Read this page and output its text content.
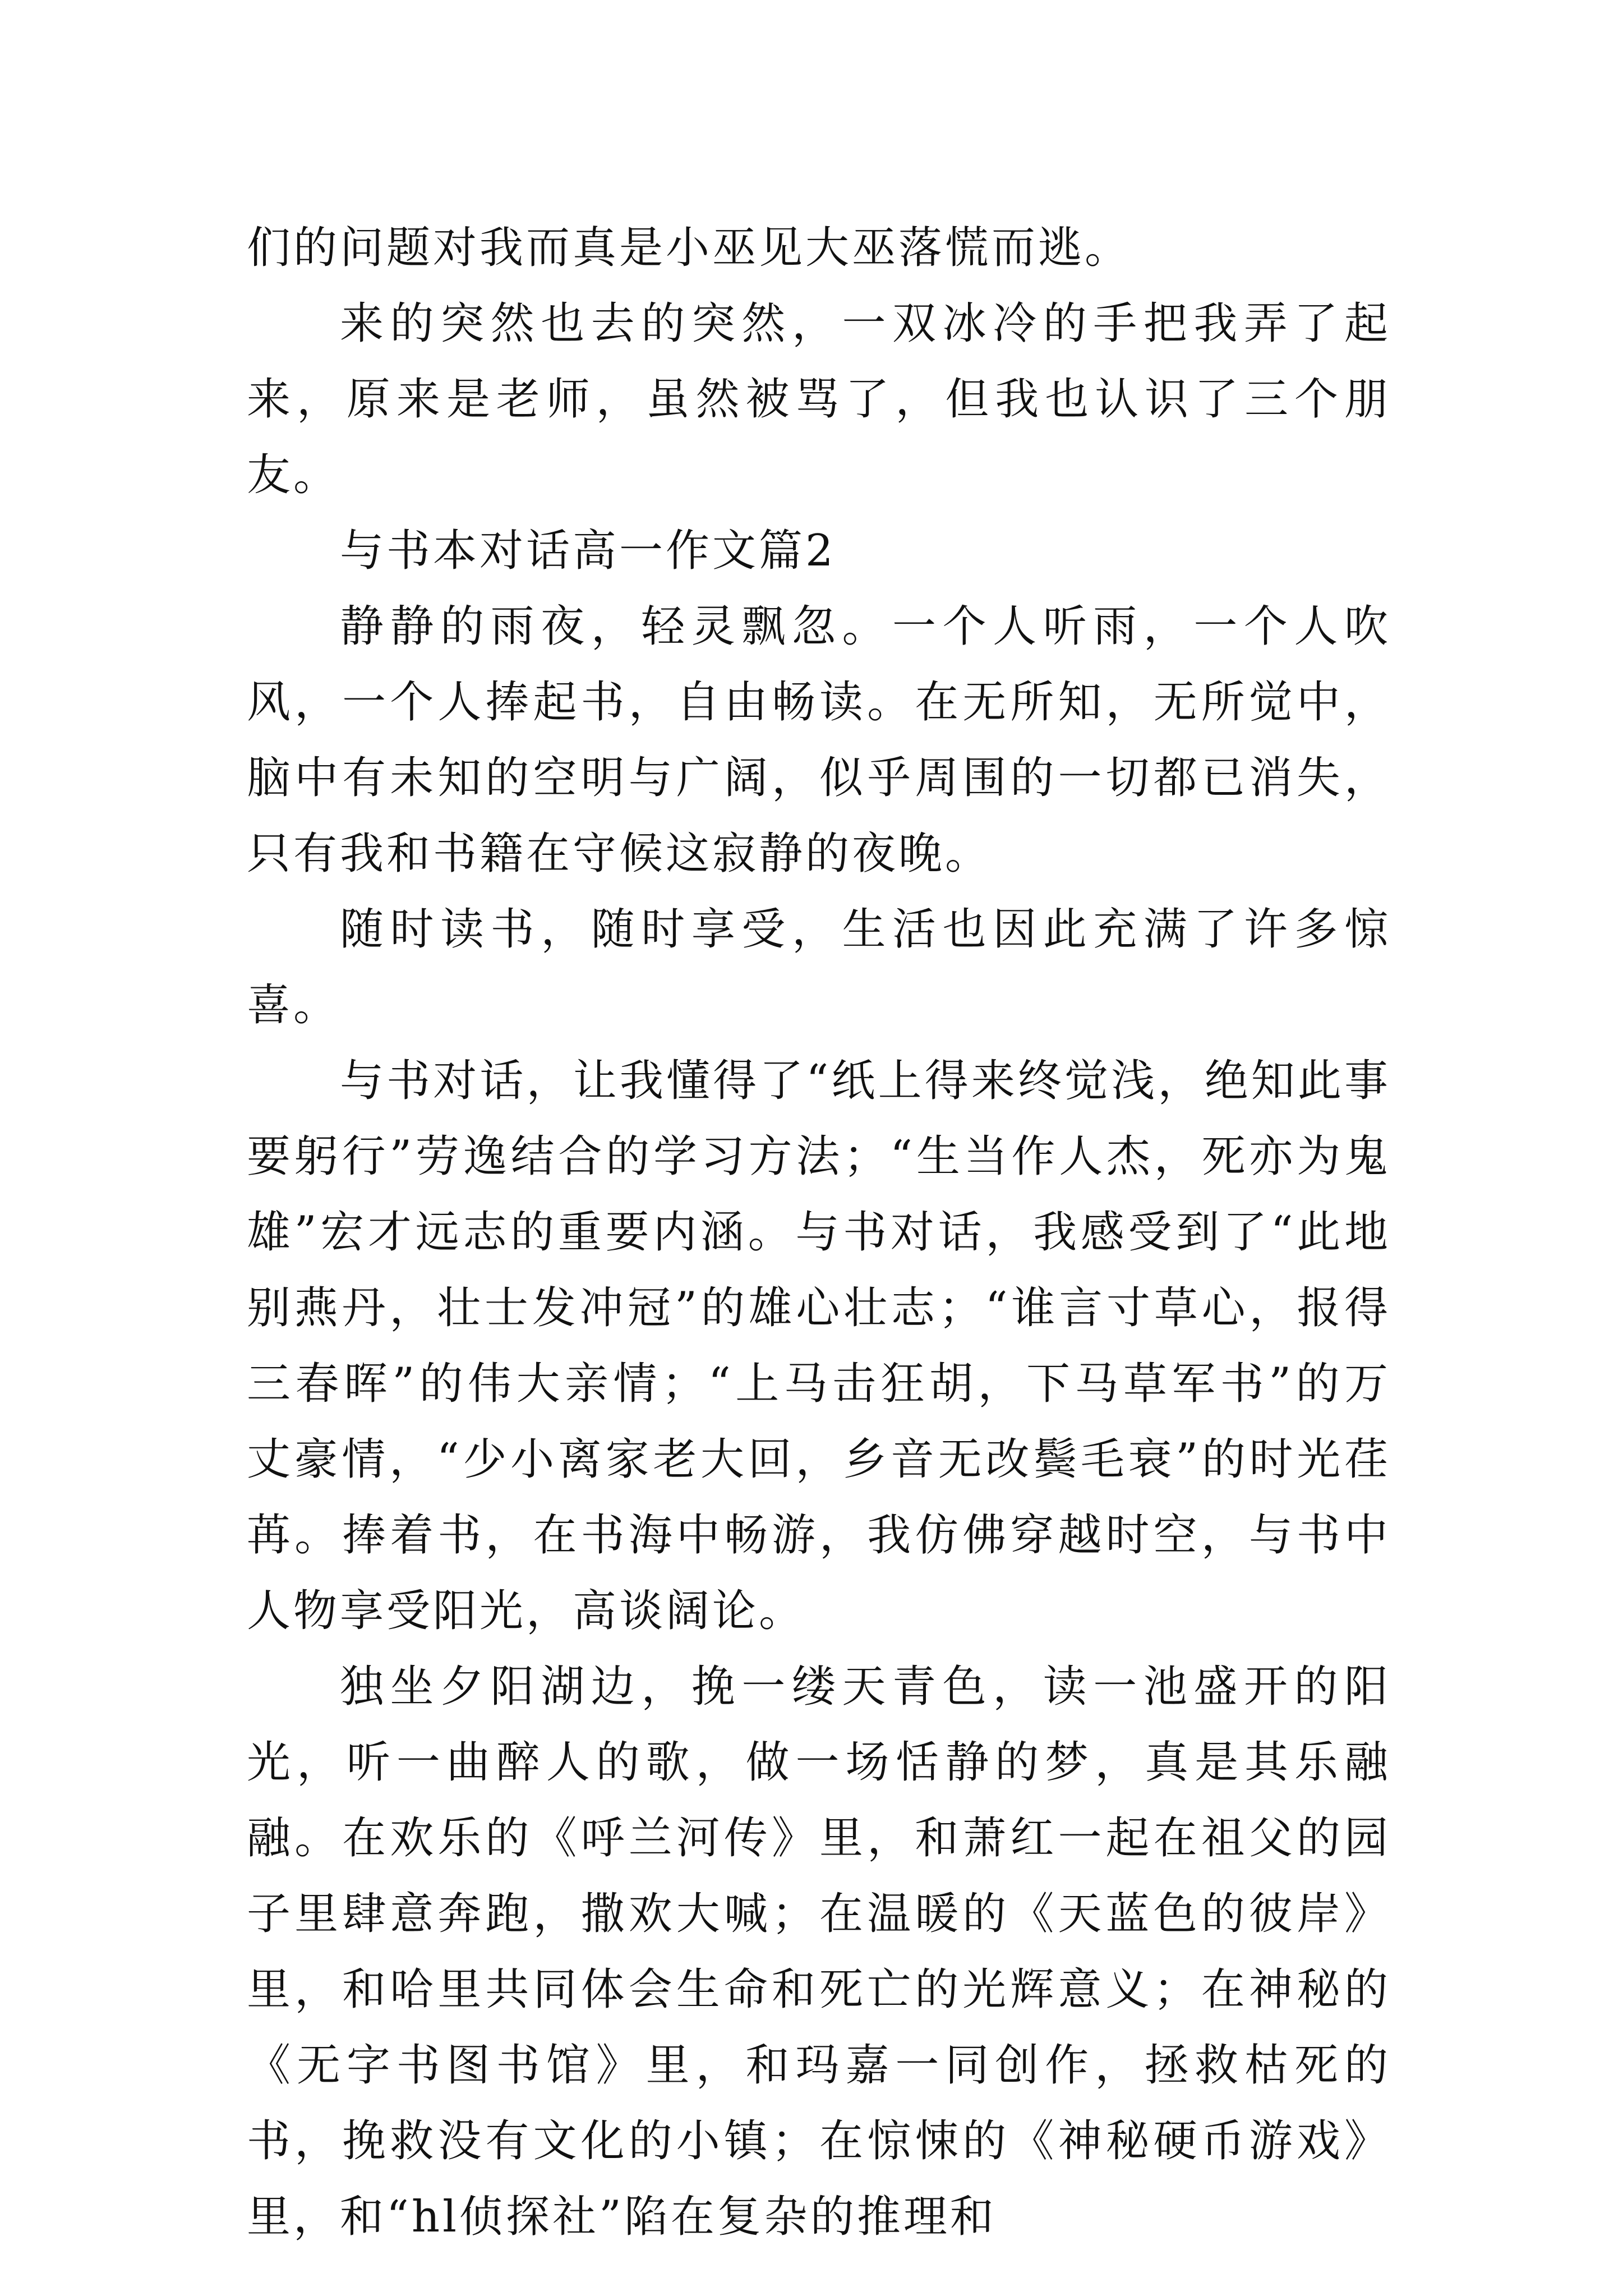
们的问题对我而真是小巫见大巫落慌而逃。

来的突然也去的突然，一双冰冷的手把我弄了起来，原来是老师，虽然被骂了，但我也认识了三个朋友。

与书本对话高一作文篇2

静静的雨夜，轻灵飘忽。一个人听雨，一个人吹风，一个人捧起书，自由畅读。在无所知，无所觉中，脑中有未知的空明与广阔，似乎周围的一切都已消失，只有我和书籍在守候这寂静的夜晚。

随时读书，随时享受，生活也因此充满了许多惊喜。

与书对话，让我懂得了“纸上得来终觉浅，绝知此事要躬行”劳逸结合的学习方法；“生当作人杰，死亦为鬼雄”宏才远志的重要内涵。与书对话，我感受到了“此地别燕丹，壮士发冲冠”的雄心壮志；“谁言寸草心，报得三春晖”的伟大亲情；“上马击狂胡，下马草军书”的万丈豪情，“少小离家老大回，乡音无改鬓毛衰”的时光荏苒。捧着书，在书海中畅游，我仿佛穿越时空，与书中人物享受阳光，高谈阔论。

独坐夕阳湖边，挽一缕天青色，读一池盛开的阳光，听一曲醉人的歌，做一场恬静的梦，真是其乐融融。在欢乐的《呼兰河传》里，和萧红一起在祖父的园子里肆意奔跑，撒欢大喊；在温暖的《天蓝色的彼岸》里，和哈里共同体会生命和死亡的光辉意义；在神秘的《无字书图书馆》里，和玛嘉一同创作，拯救枯死的书，挽救没有文化的小镇；在惊悚的《神秘硬币游戏》里，和“hl侦探社”陷在复杂的推理和
